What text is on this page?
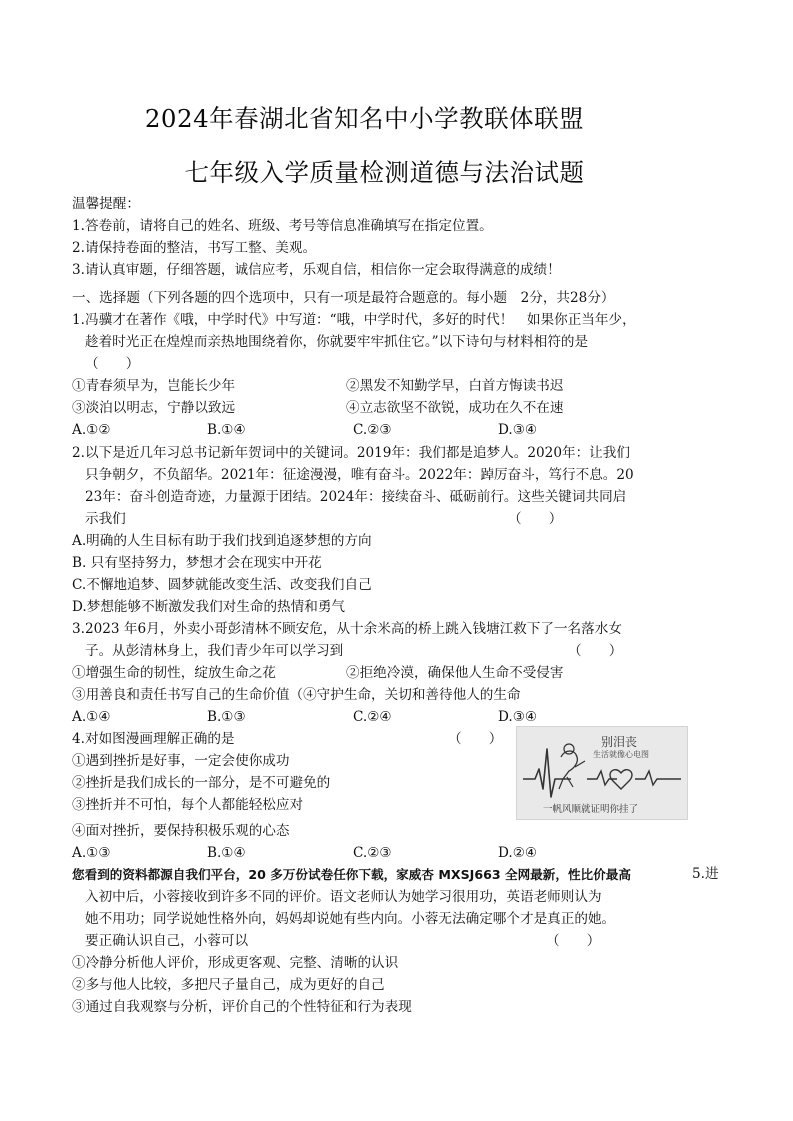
2024年春湖北省知名中小学教联体联盟
七年级入学质量检测道德与法治试题
温馨提醒：
1.答卷前，请将自己的姓名、班级、考号等信息准确填写在指定位置。
2.请保持卷面的整洁，书写工整、美观。
3.请认真审题，仔细答题，诚信应考，乐观自信，相信你一定会取得满意的成绩！
一、选择题（下列各题的四个选项中，只有一项是最符合题意的。每小题　2分，共28分）
1.冯骥才在著作《哦，中学时代》中写道：“哦，中学时代，多好的时代！　如果你正当年少，
趁着时光正在煌煌而亲热地围绕着你，你就要牢牢抓住它。”以下诗句与材料相符的是
（　　）
①青春须早为，岂能长少年	②黑发不知勤学早，白首方悔读书迟
③淡泊以明志，宁静以致远	④立志欲坚不欲锐，成功在久不在速
A.①②	B.①④	C.②③	D.③④
2.以下是近几年习总书记新年贺词中的关键词。2019年：我们都是追梦人。2020年：让我们
只争朝夕，不负韶华。2021年：征途漫漫，唯有奋斗。2022年：踔厉奋斗，笃行不息。20
23年：奋斗创造奇迹，力量源于团结。2024年：接续奋斗、砥砺前行。这些关键词共同启
示我们	（　　）
A.明确的人生目标有助于我们找到追逐梦想的方向
B. 只有坚持努力，梦想才会在现实中开花
C.不懈地追梦、圆梦就能改变生活、改变我们自己
D.梦想能够不断激发我们对生命的热情和勇气
3.2023 年6月，外卖小哥彭清林不顾安危，从十余米高的桥上跳入钱塘江救下了一名落水女
子。从彭清林身上，我们青少年可以学习到	（　　）
①增强生命的韧性，绽放生命之花	②拒绝冷漠，确保他人生命不受侵害
③用善良和责任书写自己的生命价值（④守护生命，关切和善待他人的生命
A.①④	B.①③	C.②④	D.③④
4.对如图漫画理解正确的是	（　　）
①遇到挫折是好事，一定会使你成功
②挫折是我们成长的一部分，是不可避免的
③挫折并不可怕，每个人都能轻松应对
④面对挫折，要保持积极乐观的心态
A.①③	B.①④	C.②③	D.②④
别泪丧
生活就像心电图
一帆风顺就证明你挂了
您看到的资料都源自我们平台，20 多万份试卷任你下载，家威杏 MXSJ663 全网最新，性比价最高	5.进
入初中后，小蓉接收到许多不同的评价。语文老师认为她学习很用功，英语老师则认为
她不用功；同学说她性格外向，妈妈却说她有些内向。小蓉无法确定哪个才是真正的她。
要正确认识自己，小蓉可以	（　　）
①冷静分析他人评价，形成更客观、完整、清晰的认识
②多与他人比较，多把尺子量自己，成为更好的自己
③通过自我观察与分析，评价自己的个性特征和行为表现
